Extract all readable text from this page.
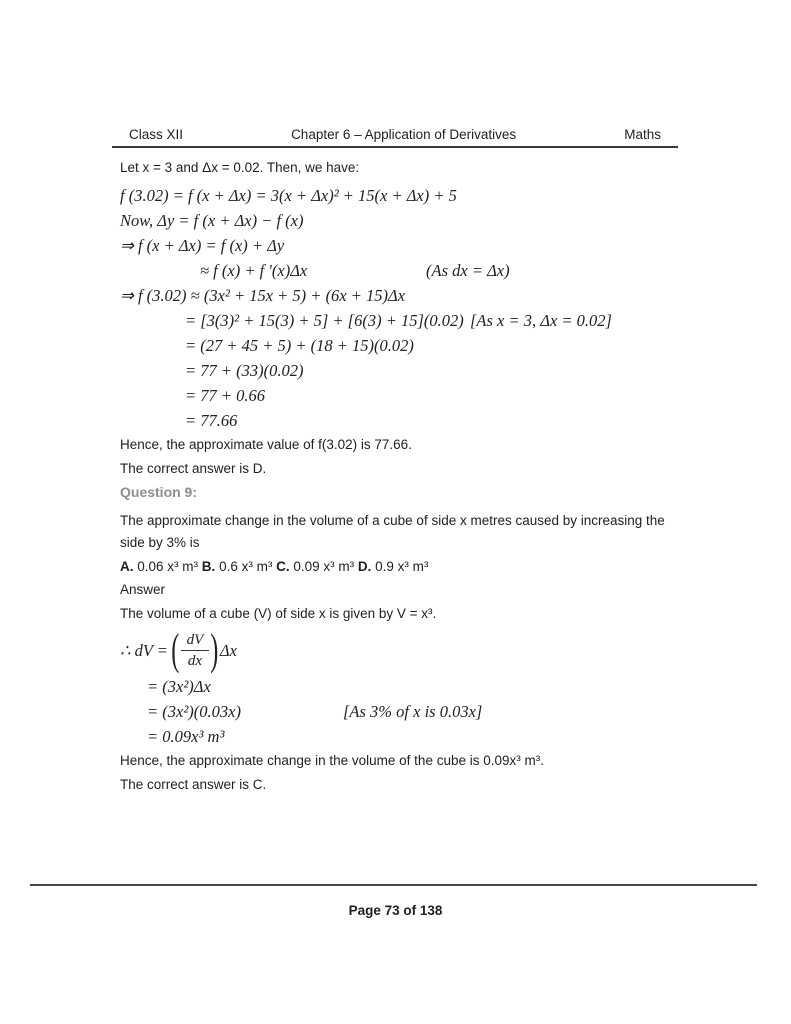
Class XII	Chapter 6 – Application of Derivatives	Maths

Let x = 3 and Δx = 0.02. Then, we have:

f (3.02) = f (x + Δx) = 3(x + Δx)² + 15(x + Δx) + 5
Now, Δy = f (x + Δx) − f (x)
⇒ f (x + Δx) = f (x) + Δy
≈ f (x) + f ′(x)Δx	(As dx = Δx)
⇒ f (3.02) ≈ (3x² + 15x + 5) + (6x + 15)Δx
= [3(3)² + 15(3) + 5] + [6(3) + 15](0.02) [As x = 3, Δx = 0.02]
= (27 + 45 + 5) + (18 + 15)(0.02)
= 77 + (33)(0.02)
= 77 + 0.66
= 77.66

Hence, the approximate value of f(3.02) is 77.66.

The correct answer is D.

Question 9:

The approximate change in the volume of a cube of side x metres caused by increasing the side by 3% is

A. 0.06 x³ m³ B. 0.6 x³ m³ C. 0.09 x³ m³ D. 0.9 x³ m³

Answer

The volume of a cube (V) of side x is given by V = x³.

∴ dV = ( $\frac{dV}{dx}$ ) Δx
= (3x²)Δx
= (3x²)(0.03x)	[As 3% of x is 0.03x]
= 0.09x³ m³

Hence, the approximate change in the volume of the cube is 0.09x³ m³.

The correct answer is C.

Page 73 of 138
